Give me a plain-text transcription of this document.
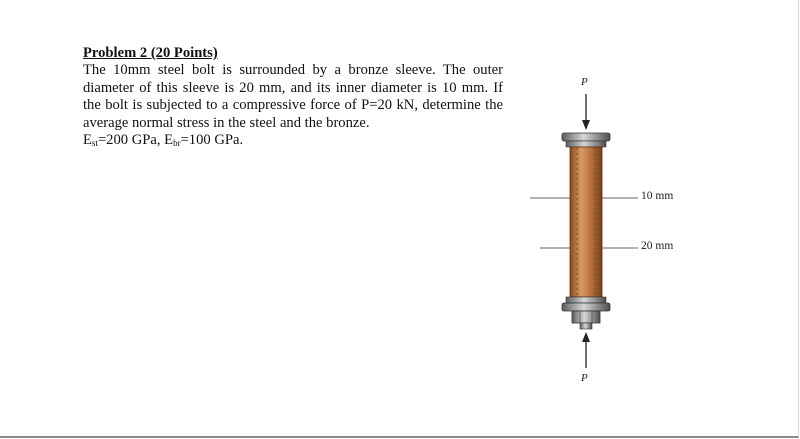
Problem 2 (20 Points)
The 10mm steel bolt is surrounded by a bronze sleeve. The outer diameter of this sleeve is 20 mm, and its inner diameter is 10 mm. If the bolt is subjected to a compressive force of P=20 kN, determine the average normal stress in the steel and the bronze.
$E_{st}=200$ GPa, $E_{br}=100$ GPa.
P
P
10 mm
20 mm
